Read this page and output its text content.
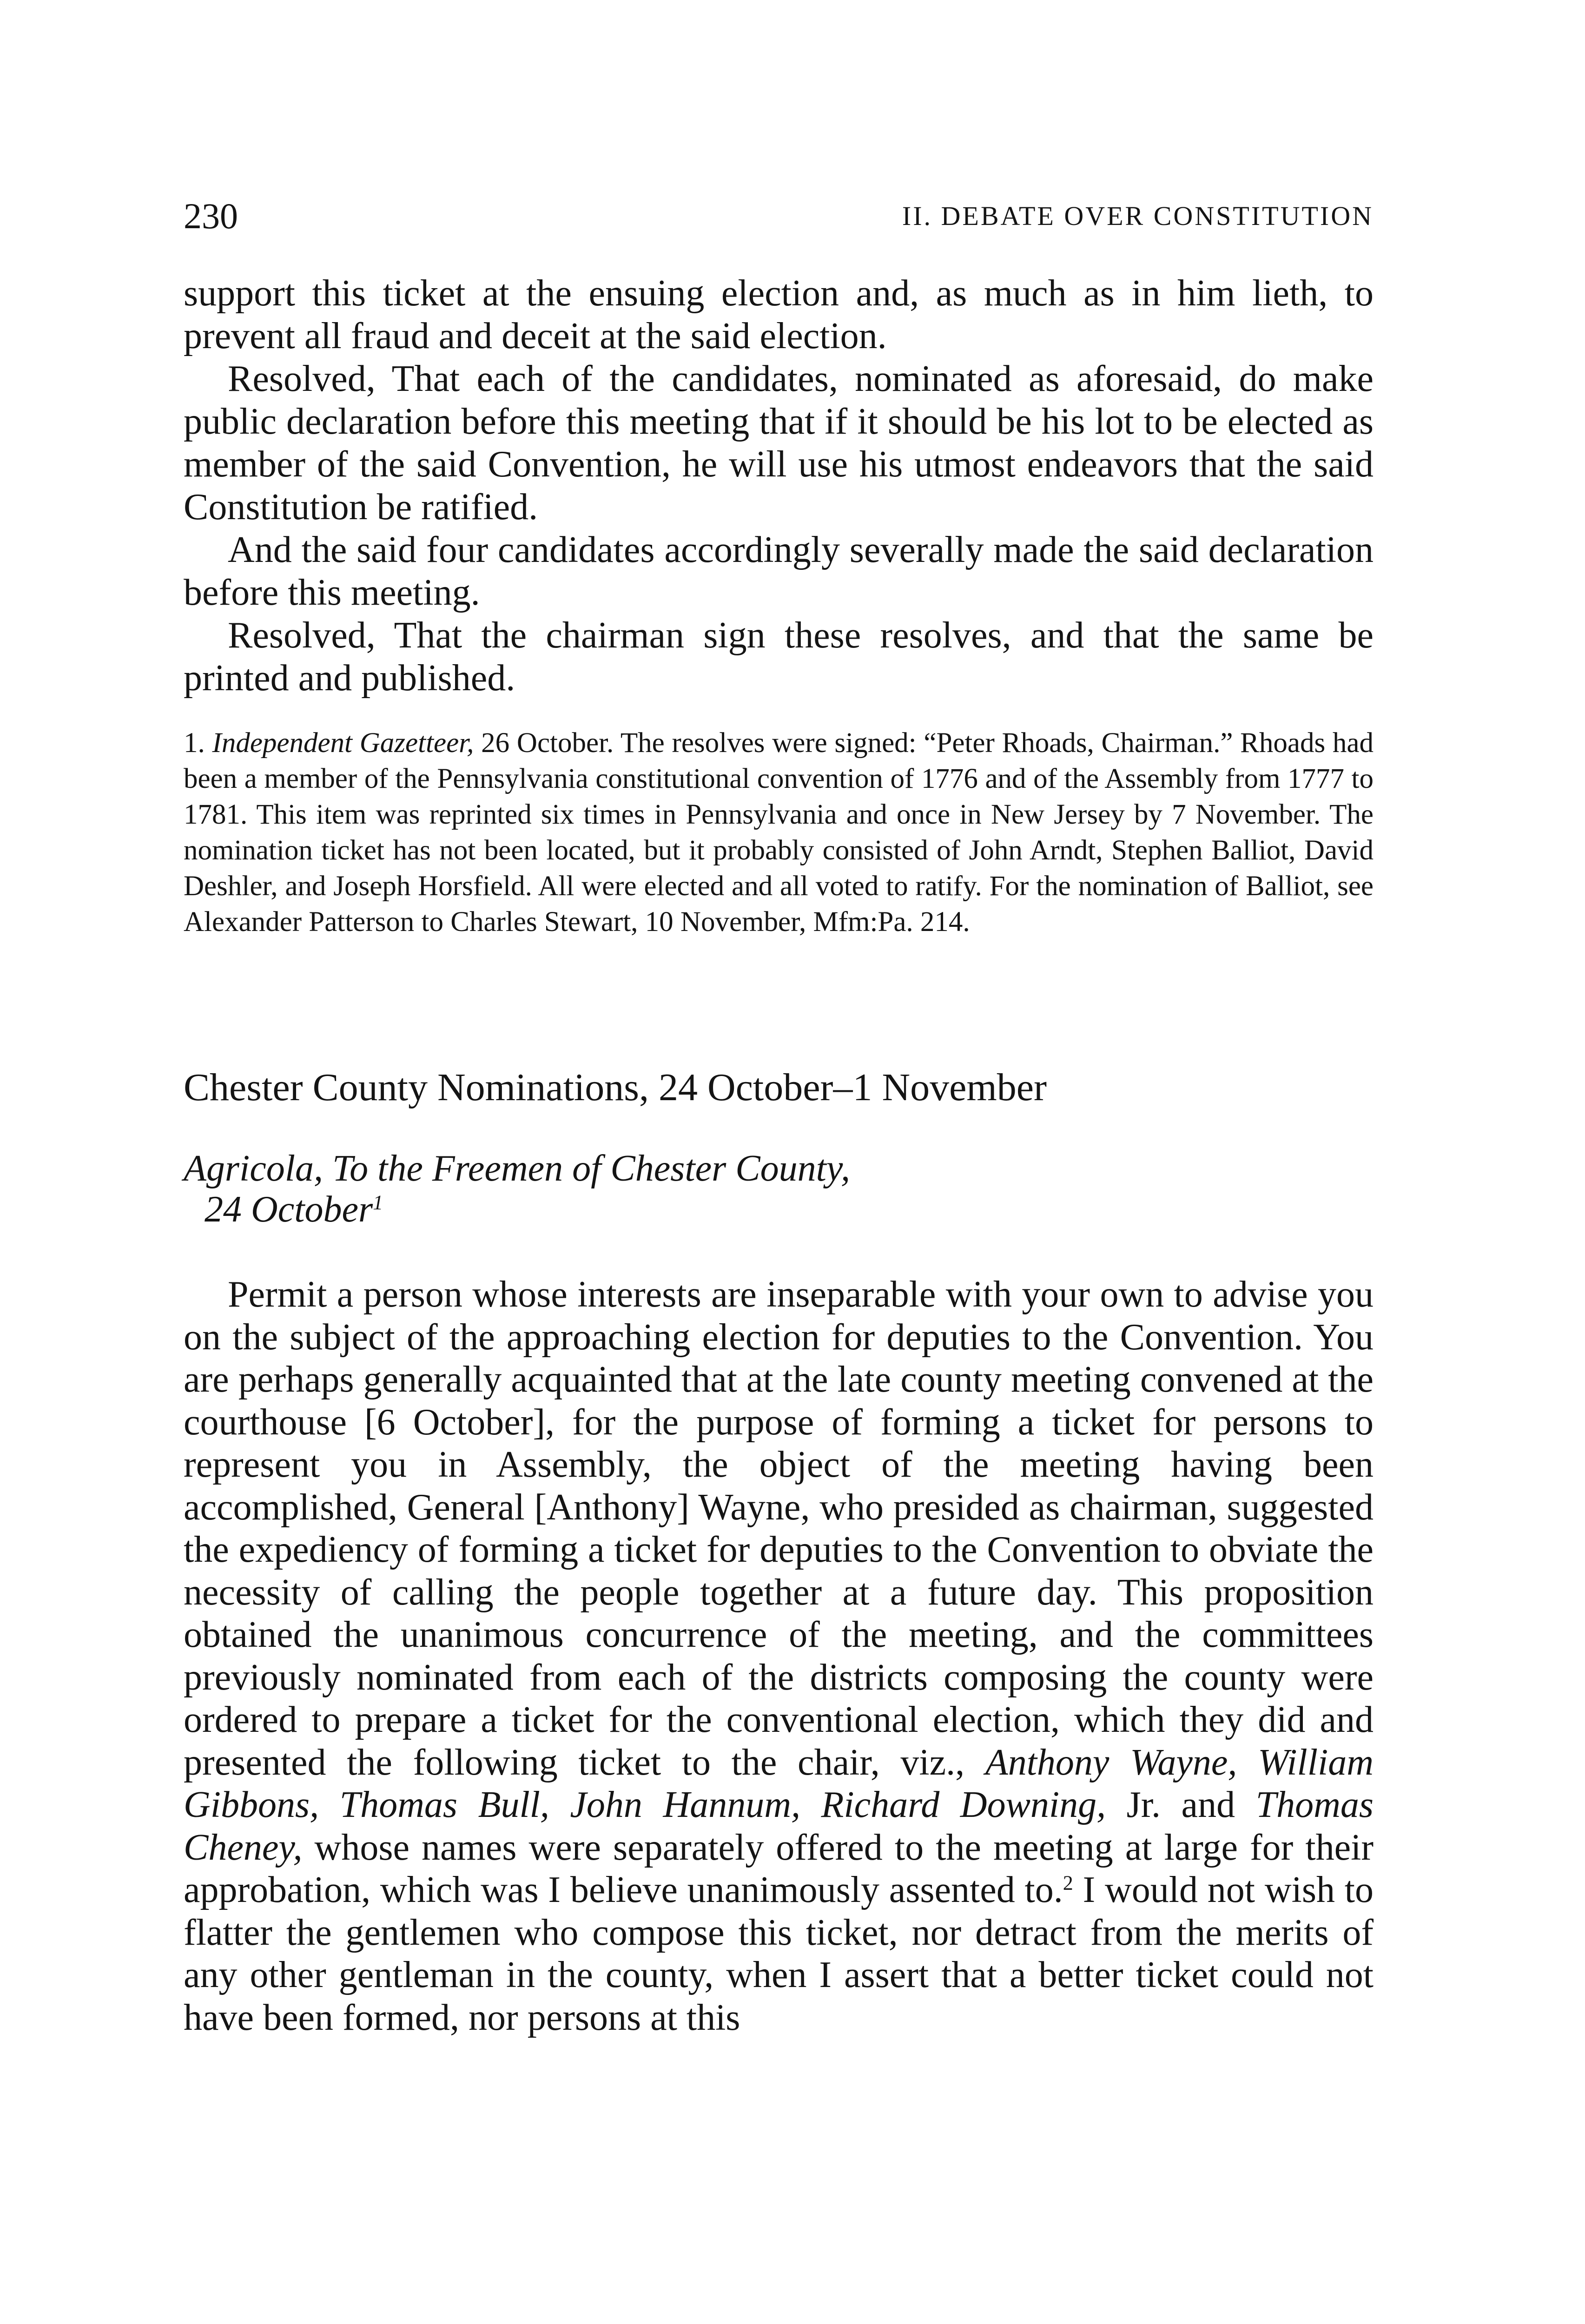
230	II. DEBATE OVER CONSTITUTION

support this ticket at the ensuing election and, as much as in him lieth, to prevent all fraud and deceit at the said election.

Resolved, That each of the candidates, nominated as aforesaid, do make public declaration before this meeting that if it should be his lot to be elected as member of the said Convention, he will use his utmost endeavors that the said Constitution be ratified.

And the said four candidates accordingly severally made the said declaration before this meeting.

Resolved, That the chairman sign these resolves, and that the same be printed and published.

1. Independent Gazetteer, 26 October. The resolves were signed: “Peter Rhoads, Chairman.” Rhoads had been a member of the Pennsylvania constitutional convention of 1776 and of the Assembly from 1777 to 1781. This item was reprinted six times in Pennsylvania and once in New Jersey by 7 November. The nomination ticket has not been located, but it probably consisted of John Arndt, Stephen Balliot, David Deshler, and Joseph Horsfield. All were elected and all voted to ratify. For the nomination of Balliot, see Alexander Patterson to Charles Stewart, 10 November, Mfm:Pa. 214.

Chester County Nominations, 24 October–1 November
Agricola, To the Freemen of Chester County,
24 October$^1$

Permit a person whose interests are inseparable with your own to advise you on the subject of the approaching election for deputies to the Convention. You are perhaps generally acquainted that at the late county meeting convened at the courthouse [6 October], for the purpose of forming a ticket for persons to represent you in Assembly, the object of the meeting having been accomplished, General [Anthony] Wayne, who presided as chairman, suggested the expediency of forming a ticket for deputies to the Convention to obviate the necessity of calling the people together at a future day. This proposition obtained the unanimous concurrence of the meeting, and the committees previously nominated from each of the districts composing the county were ordered to prepare a ticket for the conventional election, which they did and presented the following ticket to the chair, viz., Anthony Wayne, William Gibbons, Thomas Bull, John Hannum, Richard Downing, Jr. and Thomas Cheney, whose names were separately offered to the meeting at large for their approbation, which was I believe unanimously assented to.$^2$ I would not wish to flatter the gentlemen who compose this ticket, nor detract from the merits of any other gentleman in the county, when I assert that a better ticket could not have been formed, nor persons at this
